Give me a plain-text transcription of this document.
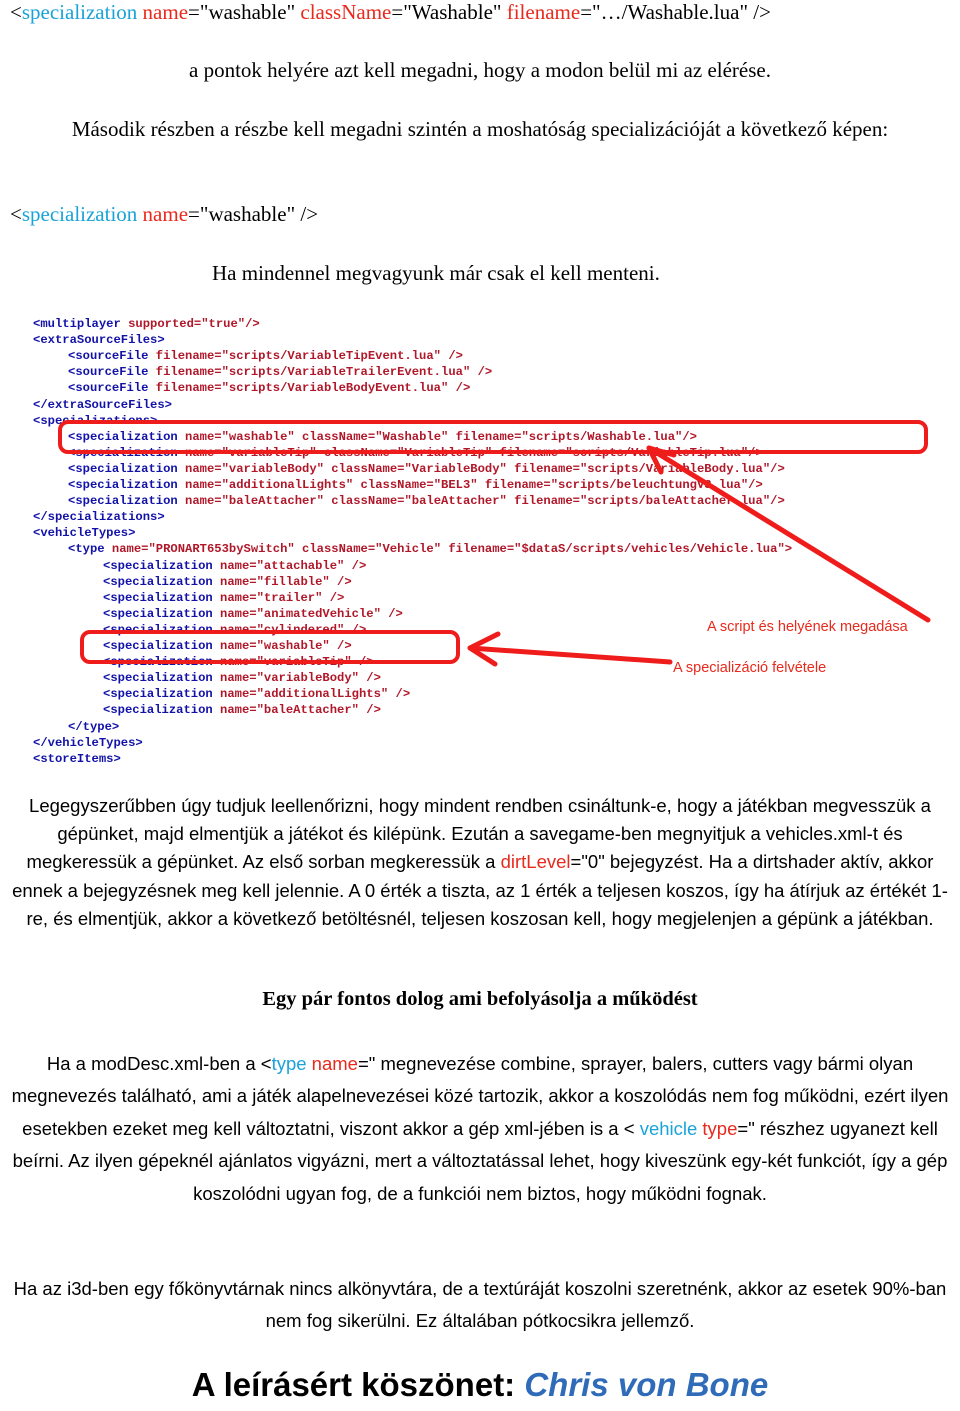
<specialization name="washable" className="Washable" filename="…/Washable.lua" />
a pontok helyére azt kell megadni, hogy a modon belül mi az elérése.
Második részben a részbe kell megadni szintén a moshatóság specializációját a következő képen:
<specialization name="washable" />
Ha mindennel megvagyunk már csak el kell menteni.
<storeItems>
</vehicleTypes>
</type>
<specialization name="baleAttacher" />
<specialization name="additionalLights" />
<specialization name="variableBody" />
<specialization name="variableTip" />
<specialization name="washable" />
<specialization name="cylindered" />
<specialization name="animatedVehicle" />
<specialization name="trailer" />
<specialization name="fillable" />
<specialization name="attachable" />
<type name="PRONART653bySwitch" className="Vehicle" filename="$dataS/scripts/vehicles/Vehicle.lua">
<vehicleTypes>
</specializations>
<specialization name="baleAttacher" className="baleAttacher" filename="scripts/baleAttacher.lua"/>
<specialization name="additionalLights" className="BEL3" filename="scripts/beleuchtungV3.lua"/>
<specialization name="variableBody" className="VariableBody" filename="scripts/VariableBody.lua"/>
<specialization name="variableTip" className="VariableTip" filename="scripts/VariableTip.lua"/>
<specialization name="washable" className="Washable" filename="scripts/Washable.lua"/>
<specializations>
</extraSourceFiles>
<sourceFile filename="scripts/VariableBodyEvent.lua" />
<sourceFile filename="scripts/VariableTrailerEvent.lua" />
<sourceFile filename="scripts/VariableTipEvent.lua" />
<extraSourceFiles>
<multiplayer supported="true"/>
A script és helyének megadása
A specializáció felvétele
Legegyszerűbben úgy tudjuk leellenőrizni, hogy mindent rendben csináltunk-e, hogy a játékban megvesszük a gépünket, majd elmentjük a játékot és kilépünk. Ezután a savegame-ben megnyitjuk a vehicles.xml-t és megkeressük a gépünket. Az első sorban megkeressük a dirtLevel="0" bejegyzést. Ha a dirtshader aktív, akkor ennek a bejegyzésnek meg kell jelennie. A 0 érték a tiszta, az 1 érték a teljesen koszos, így ha átírjuk az értékét 1-re, és elmentjük, akkor a következő betöltésnél, teljesen koszosan kell, hogy megjelenjen a gépünk a játékban.
Egy pár fontos dolog ami befolyásolja a működést
Ha a modDesc.xml-ben a <type name=" megnevezése combine, sprayer, balers, cutters vagy bármi olyan megnevezés található, ami a játék alapelnevezései közé tartozik, akkor a koszolódás nem fog működni, ezért ilyen esetekben ezeket meg kell változtatni, viszont akkor a gép xml-jében is a < vehicle type=" részhez ugyanezt kell beírni. Az ilyen gépeknél ajánlatos vigyázni, mert a változtatással lehet, hogy kiveszünk egy-két funkciót, így a gép koszolódni ugyan fog, de a funkciói nem biztos, hogy működni fognak.
Ha az i3d-ben egy főkönyvtárnak nincs alkönyvtára, de a textúráját koszolni szeretnénk, akkor az esetek 90%-ban nem fog sikerülni. Ez általában pótkocsikra jellemző.
A leírásért köszönet: Chris von Bone
